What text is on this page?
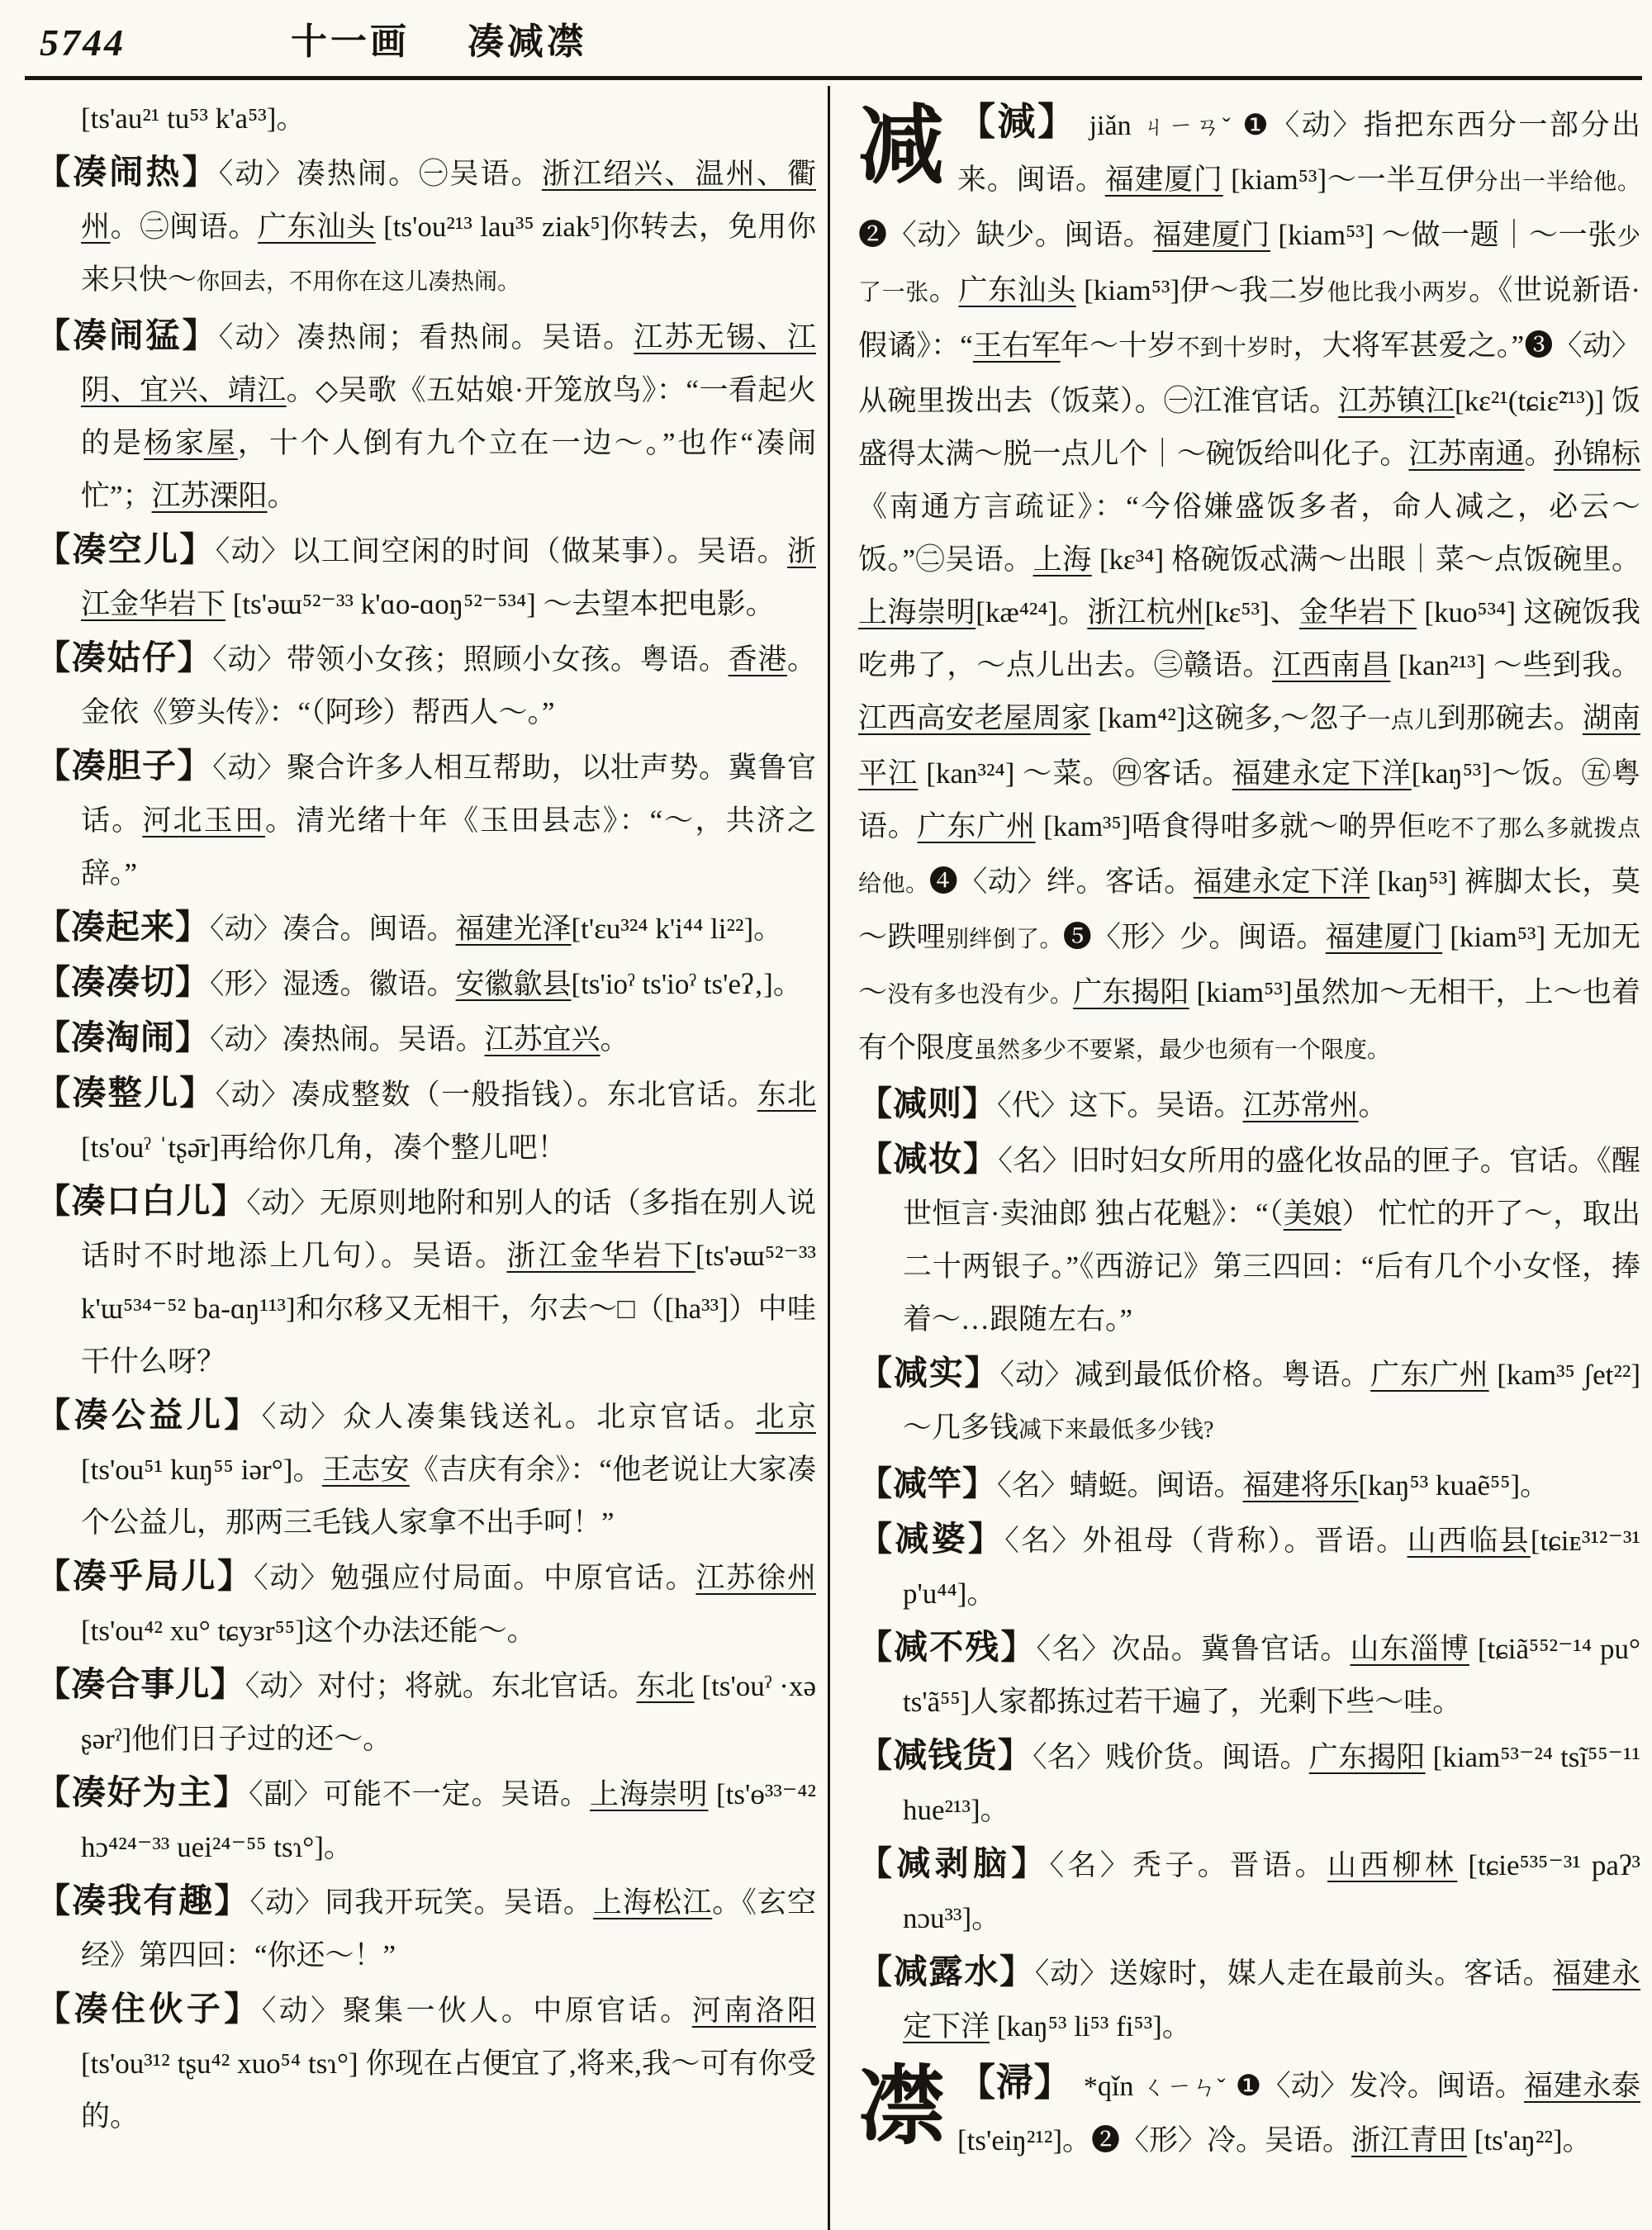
5744	十一画 凑减凚

[ts'au²¹ tu⁵³ k'a⁵³]。

【凑闹热】〈动〉凑热闹。㊀吴语。浙江绍兴、温州、衢州。㊁闽语。广东汕头 [ts'ou²¹³ lau³⁵ ziak⁵]你转去，免用你来只快～你回去，不用你在这儿凑热闹。

【凑闹猛】〈动〉凑热闹；看热闹。吴语。江苏无锡、江阴、宜兴、靖江。◇吴歌《五姑娘·开笼放鸟》：“一看起火的是杨家屋，十个人倒有九个立在一边～。”也作“凑闹忙”；江苏溧阳。

【凑空儿】〈动〉以工间空闲的时间（做某事）。吴语。浙江金华岩下 [ts'əɯ⁵²⁻³³ k'ɑo-ɑoŋ⁵²⁻⁵³⁴] ～去望本把电影。

【凑姑仔】〈动〉带领小女孩；照顾小女孩。粤语。香港。金依《箩头传》：“（阿珍）帮西人～。”

【凑胆子】〈动〉聚合许多人相互帮助，以壮声势。冀鲁官话。河北玉田。清光绪十年《玉田县志》：“～，共济之辞。”

【凑起来】〈动〉凑合。闽语。福建光泽[t'ɛu³²⁴ k'i⁴⁴ li²²]。

【凑凑切】〈形〉湿透。徽语。安徽歙县[ts'ioˀ ts'ioˀ ts'eʔ‚]。

【凑淘闹】〈动〉凑热闹。吴语。江苏宜兴。

【凑整儿】〈动〉凑成整数（一般指钱）。东北官话。东北 [ts'ouˀ ˈtʂə̄r]再给你几角，凑个整儿吧！

【凑口白儿】〈动〉无原则地附和别人的话（多指在别人说话时不时地添上几句）。吴语。浙江金华岩下[ts'əɯ⁵²⁻³³ k'ɯ⁵³⁴⁻⁵² ba-ɑŋ¹¹³]和尔移又无相干，尔去～□（[ha³³]）中哇干什么呀？

【凑公益儿】〈动〉众人凑集钱送礼。北京官话。北京 [ts'ou⁵¹ kuŋ⁵⁵ iər°]。王志安《吉庆有余》：“他老说让大家凑个公益儿，那两三毛钱人家拿不出手呵！”

【凑乎局儿】〈动〉勉强应付局面。中原官话。江苏徐州 [ts'ou⁴² xu° tɕyɜr⁵⁵]这个办法还能～。

【凑合事儿】〈动〉对付；将就。东北官话。东北 [ts'ouˀ ·xə ʂərˀ]他们日子过的还～。

【凑好为主】〈副〉可能不一定。吴语。上海崇明 [ts'ɵ³³⁻⁴² hɔ⁴²⁴⁻³³ uei²⁴⁻⁵⁵ tsɿ°]。

【凑我有趣】〈动〉同我开玩笑。吴语。上海松江。《玄空经》第四回：“你还～！”

【凑住伙子】〈动〉聚集一伙人。中原官话。河南洛阳 [ts'ou³¹² tʂu⁴² xuo⁵⁴ tsɿ°] 你现在占便宜了,将来,我～可有你受的。

减 【減】 jiǎn ㄐㄧㄢˇ ❶〈动〉指把东西分一部分出来。闽语。福建厦门 [kiam⁵³]～一半互伊分出一半给他。❷〈动〉缺少。闽语。福建厦门 [kiam⁵³] ～做一题｜～一张少了一张。广东汕头 [kiam⁵³]伊～我二岁他比我小两岁。《世说新语·假谲》：“王右军年～十岁不到十岁时，大将军甚爱之。”❸〈动〉从碗里拨出去（饭菜）。㊀江淮官话。江苏镇江[kɛ²¹(tɕiɛ̃²¹³)] 饭盛得太满～脱一点儿个｜～碗饭给叫化子。江苏南通。孙锦标《南通方言疏证》：“今俗嫌盛饭多者，命人减之，必云～饭。”㊁吴语。上海 [kɛ³⁴] 格碗饭忒满～出眼｜菜～点饭碗里。上海崇明[kæ⁴²⁴]。浙江杭州[kɛ⁵³]、金华岩下 [kuo⁵³⁴] 这碗饭我吃弗了，～点儿出去。㊂赣语。江西南昌 [kan²¹³] ～些到我。江西高安老屋周家 [kam⁴²]这碗多,～忽子一点儿到那碗去。湖南平江 [kan³²⁴] ～菜。㊃客话。福建永定下洋[kaŋ⁵³]～饭。㊄粤语。广东广州 [kam³⁵]唔食得咁多就～啲畀佢吃不了那么多就拨点给他。❹〈动〉绊。客话。福建永定下洋 [kaŋ⁵³] 裤脚太长，莫～跌哩别绊倒了。❺〈形〉少。闽语。福建厦门 [kiam⁵³] 无加无～没有多也没有少。广东揭阳 [kiam⁵³]虽然加～无相干，上～也着有个限度虽然多少不要紧，最少也须有一个限度。

【减则】〈代〉这下。吴语。江苏常州。

【减妆】〈名〉旧时妇女所用的盛化妆品的匣子。官话。《醒世恒言·卖油郎 独占花魁》：“（美娘） 忙忙的开了～，取出二十两银子。”《西游记》第三四回：“后有几个小女怪，捧着～…跟随左右。”

【减实】〈动〉减到最低价格。粤语。广东广州 [kam³⁵ ʃet²²]～几多钱减下来最低多少钱?

【减竿】〈名〉蜻蜓。闽语。福建将乐[kaŋ⁵³ kuaẽ⁵⁵]。

【减婆】〈名〉外祖母（背称）。晋语。山西临县[tɕiᴇ³¹²⁻³¹ p'u⁴⁴]。

【减不残】〈名〉次品。冀鲁官话。山东淄博 [tɕiã⁵⁵²⁻¹⁴ pu° ts'ã⁵⁵]人家都拣过若干遍了，光剩下些～哇。

【减钱货】〈名〉贱价货。闽语。广东揭阳 [kiam⁵³⁻²⁴ tsĩ⁵⁵⁻¹¹ hue²¹³]。

【减剥脑】〈名〉秃子。晋语。山西柳林 [tɕie⁵³⁵⁻³¹ paʔ³ nɔu³³]。

【减露水】〈动〉送嫁时，媒人走在最前头。客话。福建永定下洋 [kaŋ⁵³ li⁵³ fi⁵³]。

凚 【㴆】 *qǐn ㄑㄧㄣˇ ❶〈动〉发冷。闽语。福建永泰 [ts'eiŋ²¹²]。❷〈形〉冷。吴语。浙江青田 [ts'aŋ²²]。
